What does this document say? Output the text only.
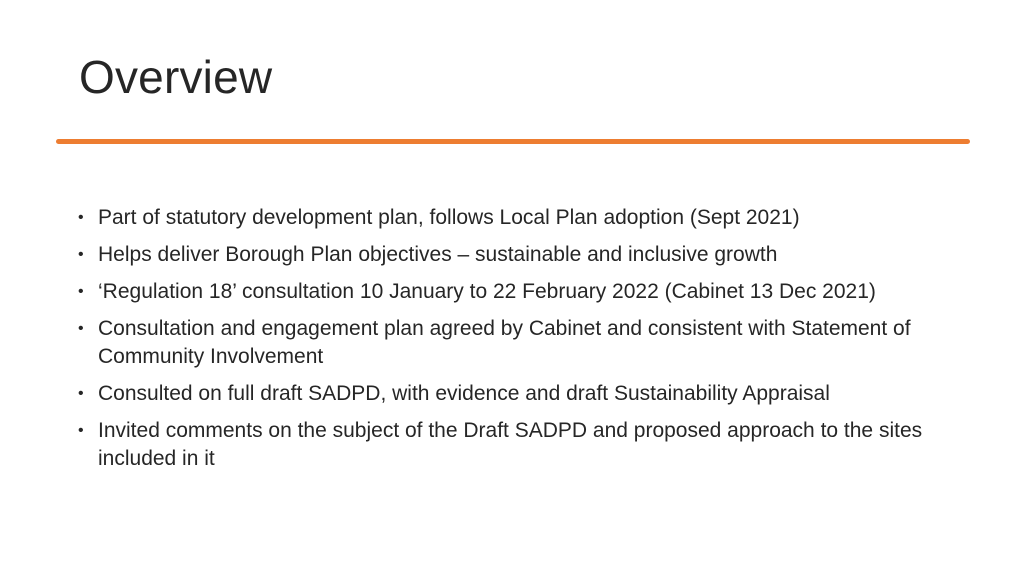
Overview
• Part of statutory development plan, follows Local Plan adoption (Sept 2021)
• Helps deliver Borough Plan objectives – sustainable and inclusive growth
• ‘Regulation 18’ consultation 10 January to 22 February 2022 (Cabinet 13 Dec 2021)
• Consultation and engagement plan agreed by Cabinet and consistent with Statement of Community Involvement
• Consulted on full draft SADPD, with evidence and draft Sustainability Appraisal
• Invited comments on the subject of the Draft SADPD and proposed approach to the sites included in it
